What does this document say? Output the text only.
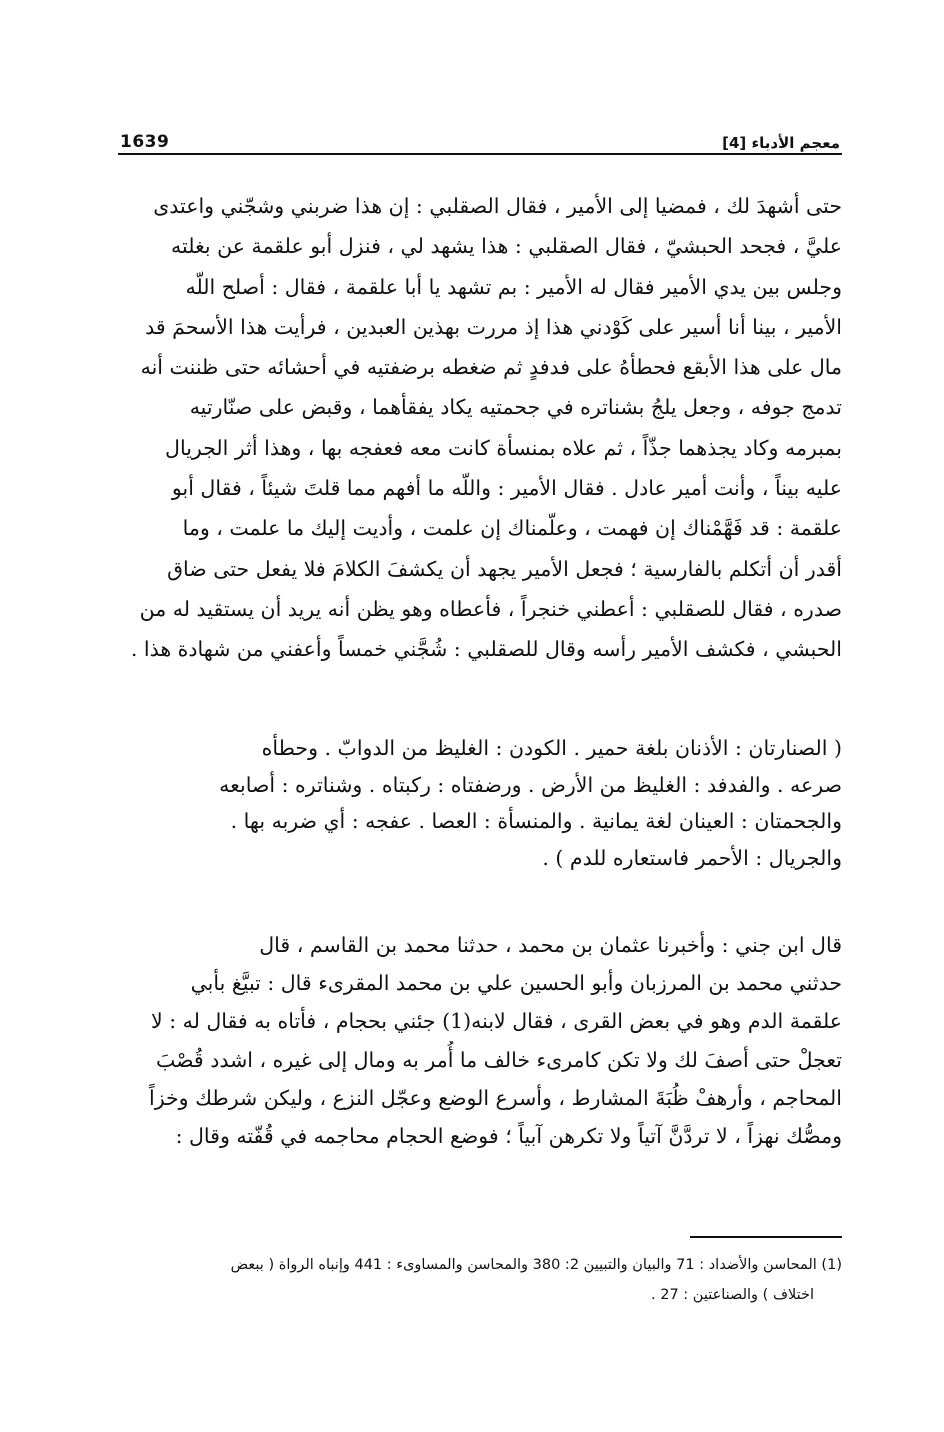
1639	معجم الأدباء [4]
حتى أشهدَ لك ، فمضيا إلى الأمير ، فقال الصقلبي : إن هذا ضربني وشجّني واعتدى
عليَّ ، فجحد الحبشيّ ، فقال الصقلبي : هذا يشهد لي ، فنزل أبو علقمة عن بغلته
وجلس بين يدي الأمير فقال له الأمير : بم تشهد يا أبا علقمة ، فقال : أصلح اللّه
الأمير ، بينا أنا أسير على كَوْدني هذا إذ مررت بهذين العبدين ، فرأيت هذا الأسحمَ قد
مال على هذا الأبقع فحطأهُ على فدفدٍ ثم ضغطه برضفتيه في أحشائه حتى ظننت أنه
تدمج جوفه ، وجعل يلجُ بشناتره في جحمتيه يكاد يفقأهما ، وقبض على صنّارتيه
بمبرمه وكاد يجذهما جذّاً ، ثم علاه بمنسأة كانت معه فعفجه بها ، وهذا أثر الجريال
عليه بيناً ، وأنت أمير عادل . فقال الأمير : واللّه ما أفهم مما قلتَ شيئاً ، فقال أبو
علقمة : قد فَهَّمْناك إن فهمت ، وعلّمناك إن علمت ، وأديت إليك ما علمت ، وما
أقدر أن أتكلم بالفارسية ؛ فجعل الأمير يجهد أن يكشفَ الكلامَ فلا يفعل حتى ضاق
صدره ، فقال للصقلبي : أعطني خنجراً ، فأعطاه وهو يظن أنه يريد أن يستقيد له من
الحبشي ، فكشف الأمير رأسه وقال للصقلبي : شُجَّني خمساً وأعفني من شهادة هذا .
( الصنارتان : الأذنان بلغة حمير . الكودن : الغليظ من الدوابّ . وحطأه
صرعه . والفدفد : الغليظ من الأرض . ورضفتاه : ركبتاه . وشناتره : أصابعه
والجحمتان : العينان لغة يمانية . والمنسأة : العصا . عفجه : أي ضربه بها .
والجريال : الأحمر فاستعاره للدم ) .
قال ابن جني : وأخبرنا عثمان بن محمد ، حدثنا محمد بن القاسم ، قال
حدثني محمد بن المرزبان وأبو الحسين علي بن محمد المقرىء قال : تبيَّغ بأبي
علقمة الدم وهو في بعض القرى ، فقال لابنه(1) جئني بحجام ، فأتاه به فقال له : لا
تعجلْ حتى أصفَ لك ولا تكن كامرىء خالف ما أُمر به ومال إلى غيره ، اشدد قُصْبَ
المحاجم ، وأرهفْ ظُبَةَ المشارط ، وأسرع الوضع وعجّل النزع ، وليكن شرطك وخزاً
ومصُّك نهزاً ، لا تردَّنَّ آتياً ولا تكرهن آبياً ؛ فوضع الحجام محاجمه في قُفّته وقال :
(1) المحاسن والأضداد : 71 والبيان والتبيين 2: 380 والمحاسن والمساوىء : 441 وإنباه الرواة ( ببعض
اختلاف ) والصناعتين : 27 .
